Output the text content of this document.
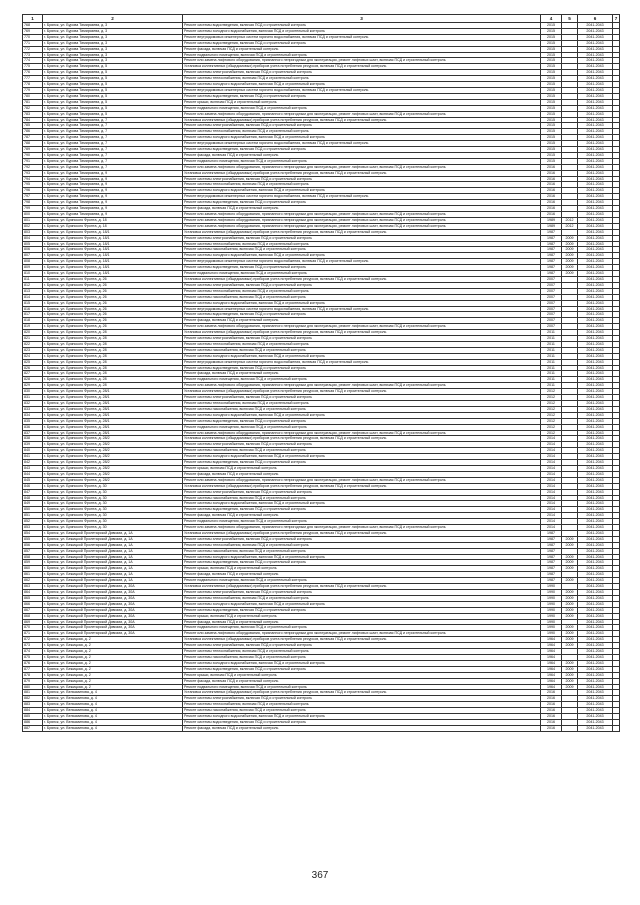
1	2	3	4	5	6	7
768	г. Брянск, ул. Бурова Тимирязева, д. 3	Ремонт системы водоотведения, включая ПСД и строительный контроль	2015		2041-2043	
769	г. Брянск, ул. Бурова Тимирязева, д. 3	Ремонт системы холодного водоснабжения, включая ПСД и строительный контроль	2015		2041-2043	
770	г. Брянск, ул. Бурова Тимирязева, д. 3	Ремонт внутридомовых инженерных систем горячего водоснабжения, включая ПСД и строительный контроль	2015		2041-2043	
771	г. Брянск, ул. Бурова Тимирязева, д. 3	Ремонт системы водоотведения, включая ПСД и строительный контроль	2015		2041-2043	
772	г. Брянск, ул. Бурова Тимирязева, д. 3	Ремонт фасада, включая ПСД и строительный контроль	2015		2041-2043	
773	г. Брянск, ул. Бурова Тимирязева, д. 3	Ремонт подвального помещения, включая ПСД и строительный контроль	2015		2041-2043	
774	г. Брянск, ул. Бурова Тимирязева, д. 3	Ремонт или замена лифтового оборудования, признанного непригодным для эксплуатации, ремонт лифтовых шахт, включая ПСД и строительный контроль	2015		2041-2043	
775	г. Брянск, ул. Бурова Тимирязева, д. 5	Установка коллективных (общедомовых) приборов учета потребления ресурсов, включая ПСД и строительный контроль	2015		2041-2043	
776	г. Брянск, ул. Бурова Тимирязева, д. 5	Ремонт системы электроснабжения, включая ПСД и строительный контроль	2015		2041-2043	
777	г. Брянск, ул. Бурова Тимирязева, д. 5	Ремонт системы теплоснабжения, включая ПСД и строительный контроль	2015		2041-2043	
778	г. Брянск, ул. Бурова Тимирязева, д. 5	Ремонт системы холодного водоснабжения, включая ПСД и строительный контроль	2015		2041-2043	
779	г. Брянск, ул. Бурова Тимирязева, д. 5	Ремонт внутридомовых инженерных систем горячего водоснабжения, включая ПСД и строительный контроль	2015		2041-2043	
780	г. Брянск, ул. Бурова Тимирязева, д. 5	Ремонт системы водоотведения, включая ПСД и строительный контроль	2015		2041-2043	
781	г. Брянск, ул. Бурова Тимирязева, д. 5	Ремонт крыши, включая ПСД и строительный контроль	2015		2041-2043	
782	г. Брянск, ул. Бурова Тимирязева, д. 5	Ремонт подвального помещения, включая ПСД и строительный контроль	2015		2041-2043	
783	г. Брянск, ул. Бурова Тимирязева, д. 5	Ремонт или замена лифтового оборудования, признанного непригодным для эксплуатации, ремонт лифтовых шахт, включая ПСД и строительный контроль	2015		2041-2043	
784	г. Брянск, ул. Бурова Тимирязева, д. 7	Установка коллективных (общедомовых) приборов учета потребления ресурсов, включая ПСД и строительный контроль	2015		2041-2043	
785	г. Брянск, ул. Бурова Тимирязева, д. 7	Ремонт системы электроснабжения, включая ПСД и строительный контроль	2015		2041-2043	
786	г. Брянск, ул. Бурова Тимирязева, д. 7	Ремонт системы теплоснабжения, включая ПСД и строительный контроль	2015		2041-2043	
787	г. Брянск, ул. Бурова Тимирязева, д. 7	Ремонт системы холодного водоснабжения, включая ПСД и строительный контроль	2015		2041-2043	
788	г. Брянск, ул. Бурова Тимирязева, д. 7	Ремонт внутридомовых инженерных систем горячего водоснабжения, включая ПСД и строительный контроль	2015		2041-2043	
789	г. Брянск, ул. Бурова Тимирязева, д. 7	Ремонт системы водоотведения, включая ПСД и строительный контроль	2015		2041-2043	
790	г. Брянск, ул. Бурова Тимирязева, д. 7	Ремонт фасада, включая ПСД и строительный контроль	2015		2041-2043	
791	г. Брянск, ул. Бурова Тимирязева, д. 7	Ремонт подвального помещения, включая ПСД и строительный контроль	2015		2041-2043	
792	г. Брянск, ул. Бурова Тимирязева, д. 7	Ремонт или замена лифтового оборудования, признанного непригодным для эксплуатации, ремонт лифтовых шахт, включая ПСД и строительный контроль	2016		2041-2043	
793	г. Брянск, ул. Бурова Тимирязева, д. 9	Установка коллективных (общедомовых) приборов учета потребления ресурсов, включая ПСД и строительный контроль	2016		2041-2043	
794	г. Брянск, ул. Бурова Тимирязева, д. 9	Ремонт системы электроснабжения, включая ПСД и строительный контроль	2016		2041-2043	
795	г. Брянск, ул. Бурова Тимирязева, д. 9	Ремонт системы теплоснабжения, включая ПСД и строительный контроль	2016		2041-2043	
796	г. Брянск, ул. Бурова Тимирязева, д. 9	Ремонт системы холодного водоснабжения, включая ПСД и строительный контроль	2016		2041-2043	
797	г. Брянск, ул. Бурова Тимирязева, д. 9	Ремонт внутридомовых инженерных систем горячего водоснабжения, включая ПСД и строительный контроль	2016		2041-2043	
798	г. Брянск, ул. Бурова Тимирязева, д. 9	Ремонт системы водоотведения, включая ПСД и строительный контроль	2016		2041-2043	
799	г. Брянск, ул. Бурова Тимирязева, д. 9	Ремонт фасада, включая ПСД и строительный контроль	2016		2041-2043	
800	г. Брянск, ул. Бурова Тимирязева, д. 9	Ремонт или замена лифтового оборудования, признанного непригодным для эксплуатации, ремонт лифтовых шахт, включая ПСД и строительный контроль	2016		2041-2043	
801	г. Брянск, ул. Брянского Фронта, д. 18	Ремонт или замена лифтового оборудования, признанного непригодным для эксплуатации, ремонт лифтовых шахт, включая ПСД и строительный контроль	1989	2012	2041-2043	
802	г. Брянск, ул. Брянского Фронта, д. 18	Ремонт или замена лифтового оборудования, признанного непригодным для эксплуатации, ремонт лифтовых шахт, включая ПСД и строительный контроль	1989	2012	2041-2043	
803	г. Брянск, ул. Брянского Фронта, д. 18/1	Установка коллективных (общедомовых) приборов учета потребления ресурсов, включая ПСД и строительный контроль	1987		2041-2043	
804	г. Брянск, ул. Брянского Фронта, д. 18/1	Ремонт системы электроснабжения, включая ПСД и строительный контроль	1987	2009	2041-2043	
805	г. Брянск, ул. Брянского Фронта, д. 18/1	Ремонт системы теплоснабжения, включая ПСД и строительный контроль	1987	2009	2041-2043	
806	г. Брянск, ул. Брянского Фронта, д. 18/1	Ремонт системы газоснабжения, включая ПСД и строительный контроль	1987	2009	2041-2043	
807	г. Брянск, ул. Брянского Фронта, д. 18/1	Ремонт системы холодного водоснабжения, включая ПСД и строительный контроль	1987	2009	2041-2043	
808	г. Брянск, ул. Брянского Фронта, д. 18/1	Ремонт внутридомовых инженерных систем горячего водоснабжения, включая ПСД и строительный контроль	1987	2009	2041-2043	
809	г. Брянск, ул. Брянского Фронта, д. 18/1	Ремонт системы водоотведения, включая ПСД и строительный контроль	1987	2009	2041-2043	
810	г. Брянск, ул. Брянского Фронта, д. 18/1	Ремонт подвального помещения, включая ПСД и строительный контроль	1987	2009	2041-2043	
811	г. Брянск, ул. Брянского Фронта, д. 26	Установка коллективных (общедомовых) приборов учета потребления ресурсов, включая ПСД и строительный контроль	2007		2041-2043	
812	г. Брянск, ул. Брянского Фронта, д. 26	Ремонт системы электроснабжения, включая ПСД и строительный контроль	2007		2041-2043	
813	г. Брянск, ул. Брянского Фронта, д. 26	Ремонт системы теплоснабжения, включая ПСД и строительный контроль	2007		2041-2043	
814	г. Брянск, ул. Брянского Фронта, д. 26	Ремонт системы газоснабжения, включая ПСД и строительный контроль	2007		2041-2043	
815	г. Брянск, ул. Брянского Фронта, д. 26	Ремонт системы холодного водоснабжения, включая ПСД и строительный контроль	2007		2041-2043	
816	г. Брянск, ул. Брянского Фронта, д. 26	Ремонт внутридомовых инженерных систем горячего водоснабжения, включая ПСД и строительный контроль	2007		2041-2043	
817	г. Брянск, ул. Брянского Фронта, д. 26	Ремонт системы водоотведения, включая ПСД и строительный контроль	2007		2041-2043	
818	г. Брянск, ул. Брянского Фронта, д. 26	Ремонт фасада, включая ПСД и строительный контроль	2007		2041-2043	
819	г. Брянск, ул. Брянского Фронта, д. 26	Ремонт или замена лифтового оборудования, признанного непригодным для эксплуатации, ремонт лифтовых шахт, включая ПСД и строительный контроль	2007		2041-2043	
820	г. Брянск, ул. Брянского Фронта, д. 28	Установка коллективных (общедомовых) приборов учета потребления ресурсов, включая ПСД и строительный контроль	2011		2041-2043	
821	г. Брянск, ул. Брянского Фронта, д. 28	Ремонт системы электроснабжения, включая ПСД и строительный контроль	2011		2041-2043	
822	г. Брянск, ул. Брянского Фронта, д. 28	Ремонт системы теплоснабжения, включая ПСД и строительный контроль	2011		2041-2043	
823	г. Брянск, ул. Брянского Фронта, д. 28	Ремонт системы газоснабжения, включая ПСД и строительный контроль	2011		2041-2043	
824	г. Брянск, ул. Брянского Фронта, д. 28	Ремонт системы холодного водоснабжения, включая ПСД и строительный контроль	2011		2041-2043	
825	г. Брянск, ул. Брянского Фронта, д. 28	Ремонт внутридомовых инженерных систем горячего водоснабжения, включая ПСД и строительный контроль	2011		2041-2043	
826	г. Брянск, ул. Брянского Фронта, д. 28	Ремонт системы водоотведения, включая ПСД и строительный контроль	2011		2041-2043	
827	г. Брянск, ул. Брянского Фронта, д. 28	Ремонт фасада, включая ПСД и строительный контроль	2011		2041-2043	
828	г. Брянск, ул. Брянского Фронта, д. 28	Ремонт подвального помещения, включая ПСД и строительный контроль	2011		2041-2043	
829	г. Брянск, ул. Брянского Фронта, д. 28	Ремонт или замена лифтового оборудования, признанного непригодным для эксплуатации, ремонт лифтовых шахт, включая ПСД и строительный контроль	2011		2041-2043	
830	г. Брянск, ул. Брянского Фронта, д. 28/1	Установка коллективных (общедомовых) приборов учета потребления ресурсов, включая ПСД и строительный контроль	2012		2041-2043	
831	г. Брянск, ул. Брянского Фронта, д. 28/1	Ремонт системы электроснабжения, включая ПСД и строительный контроль	2012		2041-2043	
832	г. Брянск, ул. Брянского Фронта, д. 28/1	Ремонт системы теплоснабжения, включая ПСД и строительный контроль	2012		2041-2043	
833	г. Брянск, ул. Брянского Фронта, д. 28/1	Ремонт системы газоснабжения, включая ПСД и строительный контроль	2012		2041-2043	
834	г. Брянск, ул. Брянского Фронта, д. 28/1	Ремонт системы холодного водоснабжения, включая ПСД и строительный контроль	2012		2041-2043	
835	г. Брянск, ул. Брянского Фронта, д. 28/1	Ремонт системы водоотведения, включая ПСД и строительный контроль	2012		2041-2043	
836	г. Брянск, ул. Брянского Фронта, д. 28/1	Ремонт подвального помещения, включая ПСД и строительный контроль	2012		2041-2043	
837	г. Брянск, ул. Брянского Фронта, д. 28/1	Ремонт или замена лифтового оборудования, признанного непригодным для эксплуатации, ремонт лифтовых шахт, включая ПСД и строительный контроль	2012		2041-2043	
838	г. Брянск, ул. Брянского Фронта, д. 28/2	Установка коллективных (общедомовых) приборов учета потребления ресурсов, включая ПСД и строительный контроль	2014		2041-2043	
839	г. Брянск, ул. Брянского Фронта, д. 28/2	Ремонт системы электроснабжения, включая ПСД и строительный контроль	2014		2041-2043	
840	г. Брянск, ул. Брянского Фронта, д. 28/2	Ремонт системы газоснабжения, включая ПСД и строительный контроль	2014		2041-2043	
841	г. Брянск, ул. Брянского Фронта, д. 28/2	Ремонт системы холодного водоснабжения, включая ПСД и строительный контроль	2014		2041-2043	
842	г. Брянск, ул. Брянского Фронта, д. 28/2	Ремонт системы водоотведения, включая ПСД и строительный контроль	2014		2041-2043	
843	г. Брянск, ул. Брянского Фронта, д. 28/2	Ремонт крыши, включая ПСД и строительный контроль	2014		2041-2043	
844	г. Брянск, ул. Брянского Фронта, д. 28/2	Ремонт фасада, включая ПСД и строительный контроль	2014		2041-2043	
845	г. Брянск, ул. Брянского Фронта, д. 28/2	Ремонт или замена лифтового оборудования, признанного непригодным для эксплуатации, ремонт лифтовых шахт, включая ПСД и строительный контроль	2014		2041-2043	
846	г. Брянск, ул. Брянского Фронта, д. 30	Установка коллективных (общедомовых) приборов учета потребления ресурсов, включая ПСД и строительный контроль	2014		2041-2043	
847	г. Брянск, ул. Брянского Фронта, д. 30	Ремонт системы электроснабжения, включая ПСД и строительный контроль	2014		2041-2043	
848	г. Брянск, ул. Брянского Фронта, д. 30	Ремонт системы газоснабжения, включая ПСД и строительный контроль	2014		2041-2043	
849	г. Брянск, ул. Брянского Фронта, д. 30	Ремонт системы холодного водоснабжения, включая ПСД и строительный контроль	2014		2041-2043	
850	г. Брянск, ул. Брянского Фронта, д. 30	Ремонт системы водоотведения, включая ПСД и строительный контроль	2014		2041-2043	
851	г. Брянск, ул. Брянского Фронта, д. 30	Ремонт фасада, включая ПСД и строительный контроль	2014		2041-2043	
852	г. Брянск, ул. Брянского Фронта, д. 30	Ремонт подвального помещения, включая ПСД и строительный контроль	2014		2041-2043	
853	г. Брянск, ул. Брянского Фронта, д. 30	Ремонт или замена лифтового оборудования, признанного непригодным для эксплуатации, ремонт лифтовых шахт, включая ПСД и строительный контроль	2014		2041-2043	
854	г. Брянск, ул. Бежицкой Пролетарской Дивизии, д. 1А	Установка коллективных (общедомовых) приборов учета потребления ресурсов, включая ПСД и строительный контроль	1987		2041-2043	
855	г. Брянск, ул. Бежицкой Пролетарской Дивизии, д. 1А	Ремонт системы электроснабжения, включая ПСД и строительный контроль	1987	2009	2041-2043	
856	г. Брянск, ул. Бежицкой Пролетарской Дивизии, д. 1А	Ремонт системы теплоснабжения, включая ПСД и строительный контроль	1987	2009	2041-2043	
857	г. Брянск, ул. Бежицкой Пролетарской Дивизии, д. 1А	Ремонт системы газоснабжения, включая ПСД и строительный контроль	1987		2041-2043	
858	г. Брянск, ул. Бежицкой Пролетарской Дивизии, д. 1А	Ремонт системы холодного водоснабжения, включая ПСД и строительный контроль	1987	2009	2041-2043	
859	г. Брянск, ул. Бежицкой Пролетарской Дивизии, д. 1А	Ремонт системы водоотведения, включая ПСД и строительный контроль	1987	2009	2041-2043	
860	г. Брянск, ул. Бежицкой Пролетарской Дивизии, д. 1А	Ремонт крыши, включая ПСД и строительный контроль	1987	2009	2041-2043	
861	г. Брянск, ул. Бежицкой Пролетарской Дивизии, д. 1А	Ремонт фасада, включая ПСД и строительный контроль	1987		2041-2043	
862	г. Брянск, ул. Бежицкой Пролетарской Дивизии, д. 1А	Ремонт подвального помещения, включая ПСД и строительный контроль	1987	2009	2041-2043	
863	г. Брянск, ул. Бежицкой Пролетарской Дивизии, д. 30А	Установка коллективных (общедомовых) приборов учета потребления ресурсов, включая ПСД и строительный контроль	1990		2041-2043	
864	г. Брянск, ул. Бежицкой Пролетарской Дивизии, д. 30А	Ремонт системы электроснабжения, включая ПСД и строительный контроль	1990	2009	2041-2043	
865	г. Брянск, ул. Бежицкой Пролетарской Дивизии, д. 30А	Ремонт системы теплоснабжения, включая ПСД и строительный контроль	1990	2009	2041-2043	
866	г. Брянск, ул. Бежицкой Пролетарской Дивизии, д. 30А	Ремонт системы холодного водоснабжения, включая ПСД и строительный контроль	1990	2009	2041-2043	
867	г. Брянск, ул. Бежицкой Пролетарской Дивизии, д. 30А	Ремонт системы водоотведения, включая ПСД и строительный контроль	1990	2009	2041-2043	
868	г. Брянск, ул. Бежицкой Пролетарской Дивизии, д. 30А	Ремонт крыши, включая ПСД и строительный контроль	1990	2009	2041-2043	
869	г. Брянск, ул. Бежицкой Пролетарской Дивизии, д. 30А	Ремонт фасада, включая ПСД и строительный контроль	1990		2041-2043	
870	г. Брянск, ул. Бежицкой Пролетарской Дивизии, д. 30А	Ремонт подвального помещения, включая ПСД и строительный контроль	1990	2009	2041-2043	
871	г. Брянск, ул. Бежицкой Пролетарской Дивизии, д. 30А	Ремонт или замена лифтового оборудования, признанного непригодным для эксплуатации, ремонт лифтовых шахт, включая ПСД и строительный контроль	1990	2009	2041-2043	
872	г. Брянск, ул. Бежицкая, д. 2	Установка коллективных (общедомовых) приборов учета потребления ресурсов, включая ПСД и строительный контроль	1964	2009	2041-2043	
873	г. Брянск, ул. Бежицкая, д. 2	Ремонт системы электроснабжения, включая ПСД и строительный контроль	1964	2009	2041-2043	
874	г. Брянск, ул. Бежицкая, д. 2	Ремонт системы теплоснабжения, включая ПСД и строительный контроль	1964		2041-2043	
875	г. Брянск, ул. Бежицкая, д. 2	Ремонт системы газоснабжения, включая ПСД и строительный контроль	1964		2041-2043	
876	г. Брянск, ул. Бежицкая, д. 2	Ремонт системы холодного водоснабжения, включая ПСД и строительный контроль	1964	2009	2041-2043	
877	г. Брянск, ул. Бежицкая, д. 2	Ремонт системы водоотведения, включая ПСД и строительный контроль	1964	2009	2041-2043	
878	г. Брянск, ул. Бежицкая, д. 2	Ремонт крыши, включая ПСД и строительный контроль	1964	2009	2041-2043	
879	г. Брянск, ул. Бежицкая, д. 2	Ремонт фасада, включая ПСД и строительный контроль	1964	2009	2041-2043	
880	г. Брянск, ул. Бежицкая, д. 2	Ремонт подвального помещения, включая ПСД и строительный контроль	1964	2009	2041-2043	
881	г. Брянск, ул. Вельяминова, д. 4	Установка коллективных (общедомовых) приборов учета потребления ресурсов, включая ПСД и строительный контроль	2016		2041-2043	
882	г. Брянск, ул. Вельяминова, д. 4	Ремонт системы электроснабжения, включая ПСД и строительный контроль	2016		2041-2043	
883	г. Брянск, ул. Вельяминова, д. 4	Ремонт системы теплоснабжения, включая ПСД и строительный контроль	2016		2041-2043	
884	г. Брянск, ул. Вельяминова, д. 4	Ремонт системы газоснабжения, включая ПСД и строительный контроль	2016		2041-2043	
885	г. Брянск, ул. Вельяминова, д. 4	Ремонт системы холодного водоснабжения, включая ПСД и строительный контроль	2016		2041-2043	
886	г. Брянск, ул. Вельяминова, д. 4	Ремонт системы водоотведения, включая ПСД и строительный контроль	2016		2041-2043	
887	г. Брянск, ул. Вельяминова, д. 4	Ремонт фасада, включая ПСД и строительный контроль	2016		2041-2043	
367
